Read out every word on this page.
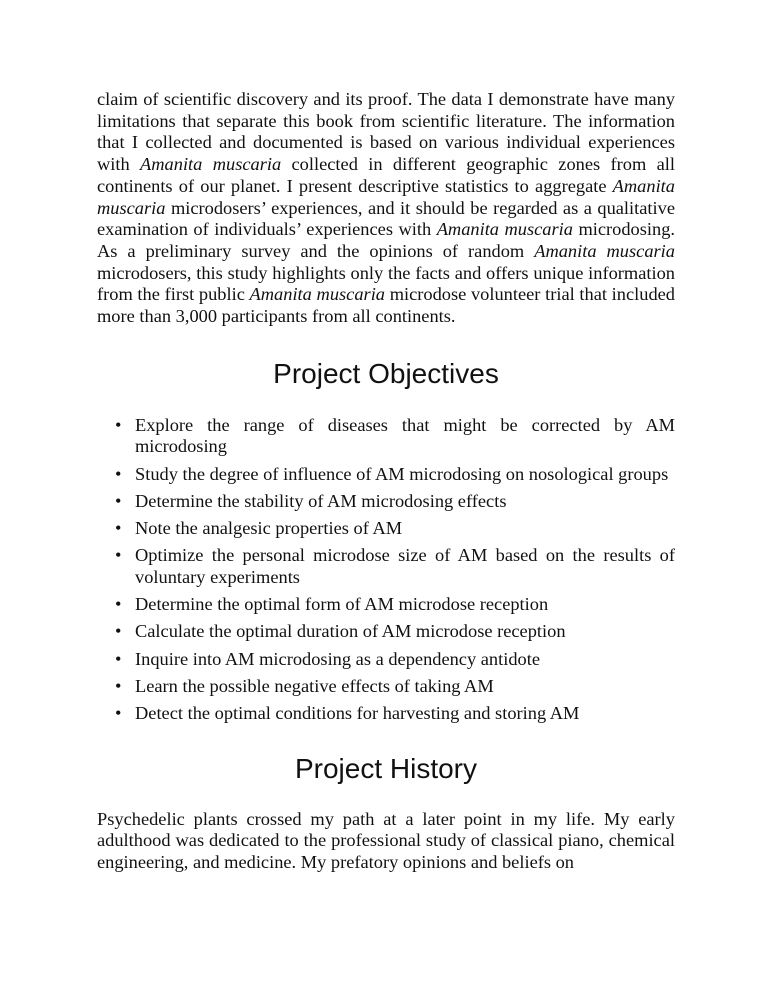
claim of scientific discovery and its proof. The data I demonstrate have many limitations that separate this book from scientific literature. The information that I collected and documented is based on various individual experiences with Amanita muscaria collected in different geographic zones from all continents of our planet. I present descriptive statistics to aggregate Amanita muscaria microdosers’ experiences, and it should be regarded as a qualitative examination of individuals’ experiences with Amanita muscaria microdosing. As a preliminary survey and the opinions of random Amanita muscaria microdosers, this study highlights only the facts and offers unique information from the first public Amanita muscaria microdose volunteer trial that included more than 3,000 participants from all continents.

Project Objectives
• Explore the range of diseases that might be corrected by AM microdosing
• Study the degree of influence of AM microdosing on nosological groups
• Determine the stability of AM microdosing effects
• Note the analgesic properties of AM
• Optimize the personal microdose size of AM based on the results of voluntary experiments
• Determine the optimal form of AM microdose reception
• Calculate the optimal duration of AM microdose reception
• Inquire into AM microdosing as a dependency antidote
• Learn the possible negative effects of taking AM
• Detect the optimal conditions for harvesting and storing AM
Project History

Psychedelic plants crossed my path at a later point in my life. My early adulthood was dedicated to the professional study of classical piano, chemical engineering, and medicine. My prefatory opinions and beliefs on
